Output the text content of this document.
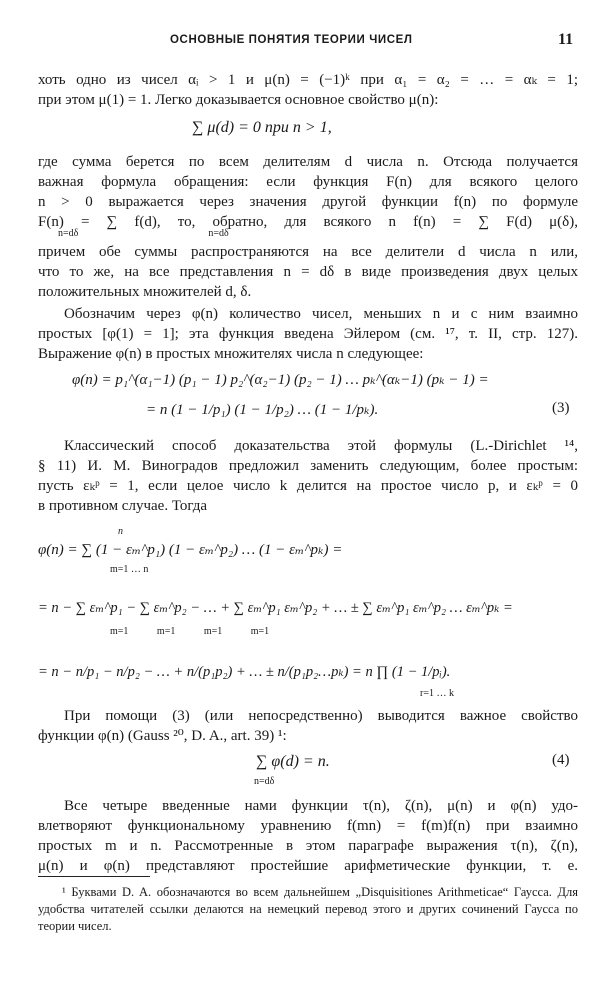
ОСНОВНЫЕ ПОНЯТИЯ ТЕОРИИ ЧИСЕЛ	11

хоть одно из чисел αᵢ > 1 и μ(n) = (−1)ᵏ при α₁ = α₂ = … = αₖ = 1;

при этом μ(1) = 1. Легко доказывается основное свойство μ(n):

∑ μ(d) = 0 при n > 1,

где сумма берется по всем делителям d числа n. Отсюда получается

важная формула обращения: если функция F(n) для всякого целого

n > 0 выражается через значения другой функции f(n) по формуле

F(n) = ∑ f(d), то, обратно, для всякого n f(n) = ∑ F(d) μ(δ),

n=dδ                                                    n=dδ

причем обе суммы распространяются на все делители d числа n или,

что то же, на все представления n = dδ в виде произведения двух целых

положительных множителей d, δ.

Обозначим через φ(n) количество чисел, меньших n и с ним взаимно

простых [φ(1) = 1]; эта функция введена Эйлером (см. ¹⁷, т. II, стр. 127).

Выражение φ(n) в простых множителях числа n следующее:

φ(n) = p₁^(α₁−1) (p₁ − 1) p₂^(α₂−1) (p₂ − 1) … pₖ^(αₖ−1) (pₖ − 1) =
= n (1 − 1/p₁) (1 − 1/p₂) … (1 − 1/pₖ).	(3)

Классический способ доказательства этой формулы (L.-Dirichlet ¹⁴,

§ 11) И. М. Виноградов предложил заменить следующим, более простым:

пусть εₖᵖ = 1, если целое число k делится на простое число p, и εₖᵖ = 0

в противном случае. Тогда

n
φ(n) = ∑ (1 − εₘ^p₁) (1 − εₘ^p₂) … (1 − εₘ^pₖ) =
m=1 … n
= n − ∑ εₘ^p₁ − ∑ εₘ^p₂ − … + ∑ εₘ^p₁ εₘ^p₂ + … ± ∑ εₘ^p₁ εₘ^p₂ … εₘ^pₖ =
m=1 m=1 m=1 m=1
= n − n/p₁ − n/p₂ − … + n/(p₁p₂) + … ± n/(p₁p₂…pₖ) = n ∏ (1 − 1/pᵢ).
r=1 … k

При помощи (3) (или непосредственно) выводится важное свойство

функции φ(n) (Gauss ²⁰, D. A., art. 39) ¹:

∑ φ(d) = n.
n=dδ
(4)

Все четыре введенные нами функции τ(n), ζ(n), μ(n) и φ(n) удо-

влетворяют функциональному уравнению f(mn) = f(m)f(n) при взаимно

простых m и n. Рассмотренные в этом параграфе выражения τ(n), ζ(n),

μ(n) и φ(n) представляют простейшие арифметические функции, т. е.

¹ Буквами D. A. обозначаются во всем дальнейшем „Disquisitiones Arithmeticae“ Гаусса. Для удобства читателей ссылки делаются на немецкий перевод этого и других сочинений Гаусса по теории чисел.
